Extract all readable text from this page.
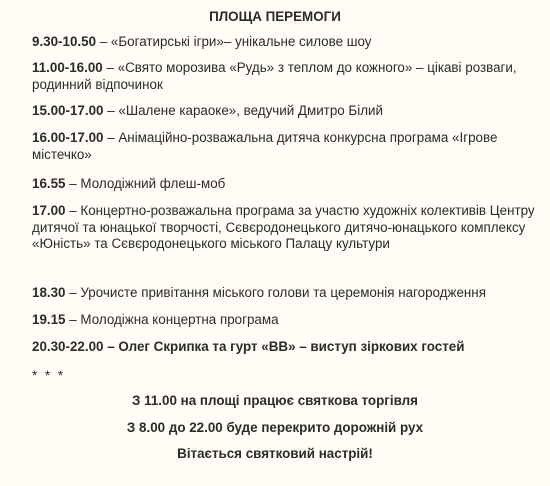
ПЛОЩА ПЕРЕМОГИ
9.30-10.50 – «Богатирські ігри»– унікальне силове шоу
11.00-16.00 – «Свято морозива «Рудь» з теплом до кожного» – цікаві розваги, родинний відпочинок
15.00-17.00 – «Шалене караоке», ведучий Дмитро Білий
16.00-17.00 – Анімаційно-розважальна дитяча конкурсна програма «Ігрове містечко»
16.55 – Молодіжний флеш-моб
17.00 – Концертно-розважальна програма за участю художніх колективів Центру дитячої та юнацької творчості, Сєвєродонецького дитячо-юнацького комплексу «Юність» та Сєвєродонецького міського Палацу культури
18.30 – Урочисте привітання міського голови та церемонія нагородження
19.15 – Молодіжна концертна програма
20.30-22.00 – Олег Скрипка та гурт «ВВ» – виступ зіркових гостей
* * *
З 11.00 на площі працює святкова торгівля
З 8.00 до 22.00 буде перекрито дорожній рух
Вітається святковий настрій!
